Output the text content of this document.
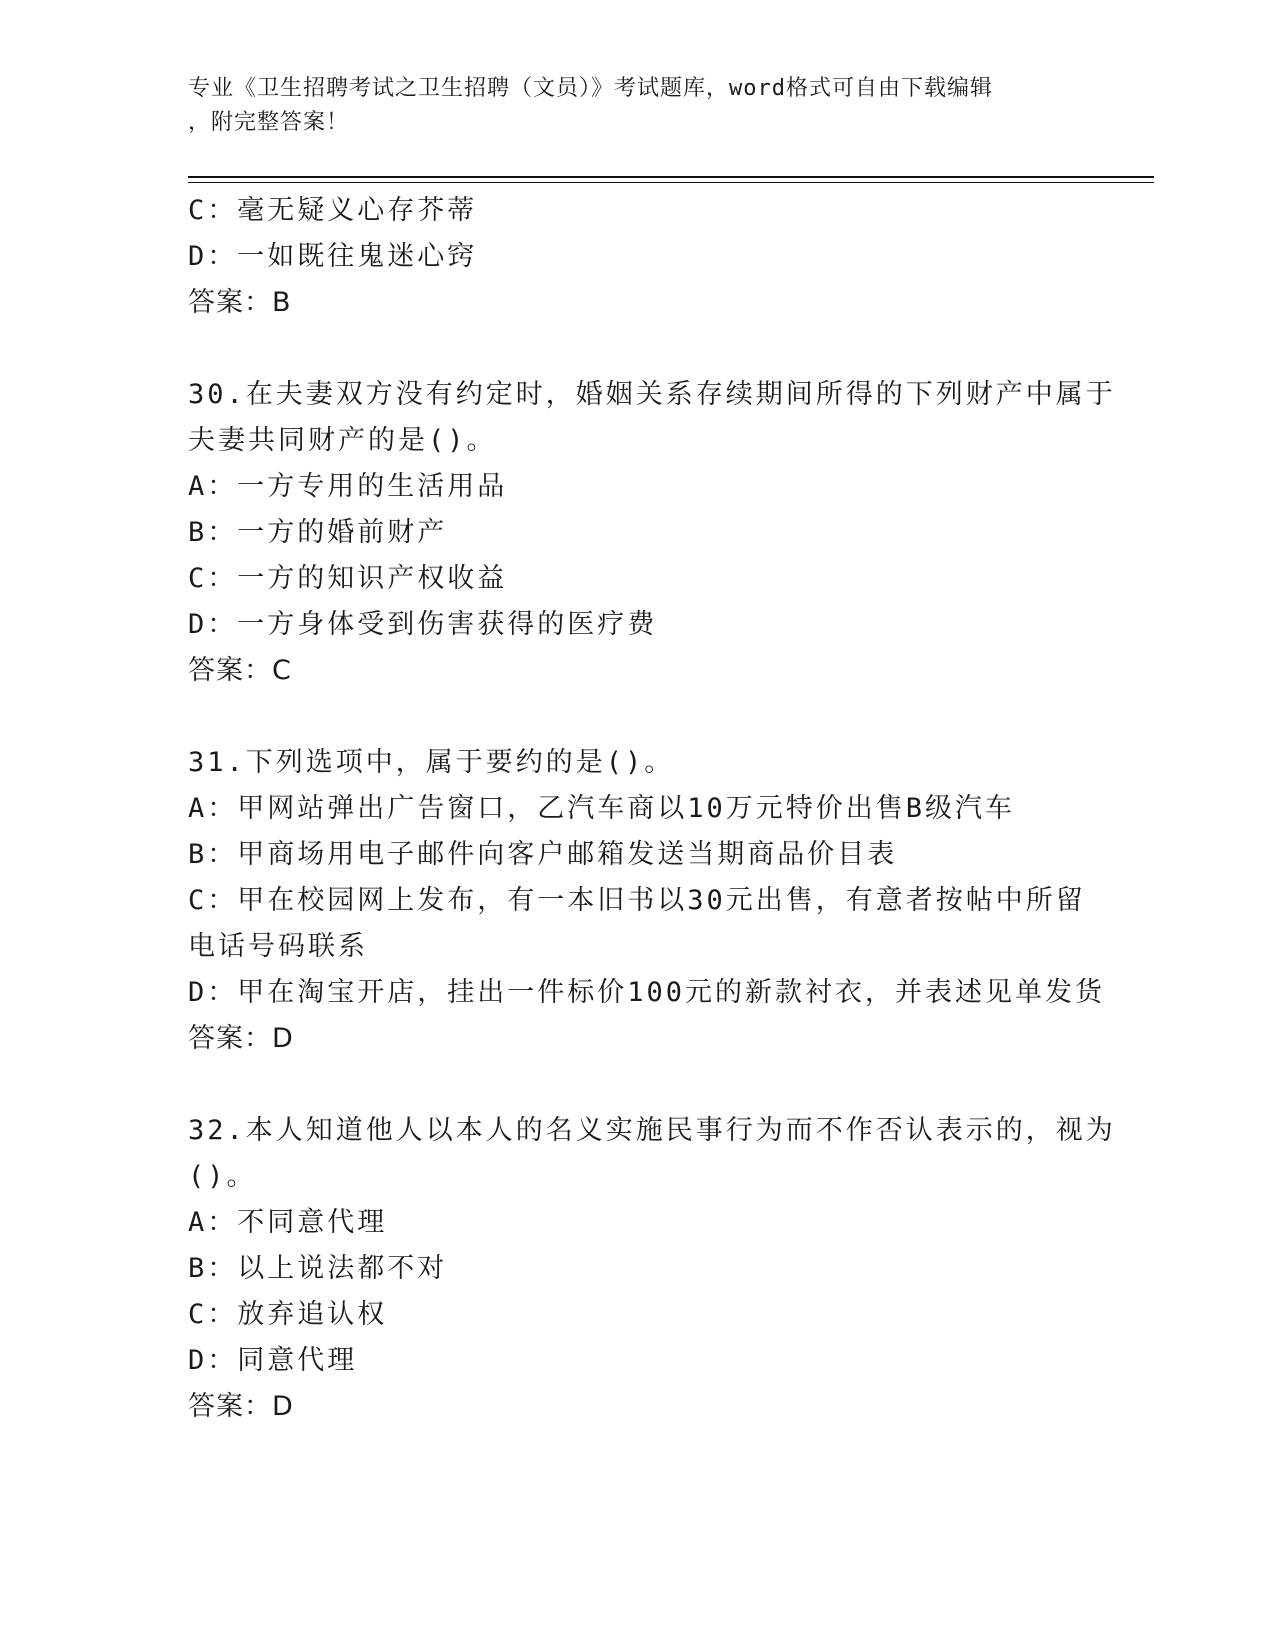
专业《卫生招聘考试之卫生招聘（文员）》考试题库，word格式可自由下载编辑
，附完整答案！
C：毫无疑义心存芥蒂
D：一如既往鬼迷心窍
答案：B
30.在夫妻双方没有约定时，婚姻关系存续期间所得的下列财产中属于
夫妻共同财产的是()。
A：一方专用的生活用品
B：一方的婚前财产
C：一方的知识产权收益
D：一方身体受到伤害获得的医疗费
答案：C
31.下列选项中，属于要约的是()。
A：甲网站弹出广告窗口，乙汽车商以10万元特价出售B级汽车
B：甲商场用电子邮件向客户邮箱发送当期商品价目表
C：甲在校园网上发布，有一本旧书以30元出售，有意者按帖中所留
电话号码联系
D：甲在淘宝开店，挂出一件标价100元的新款衬衣，并表述见单发货
答案：D
32.本人知道他人以本人的名义实施民事行为而不作否认表示的，视为
()。
A：不同意代理
B：以上说法都不对
C：放弃追认权
D：同意代理
答案：D
